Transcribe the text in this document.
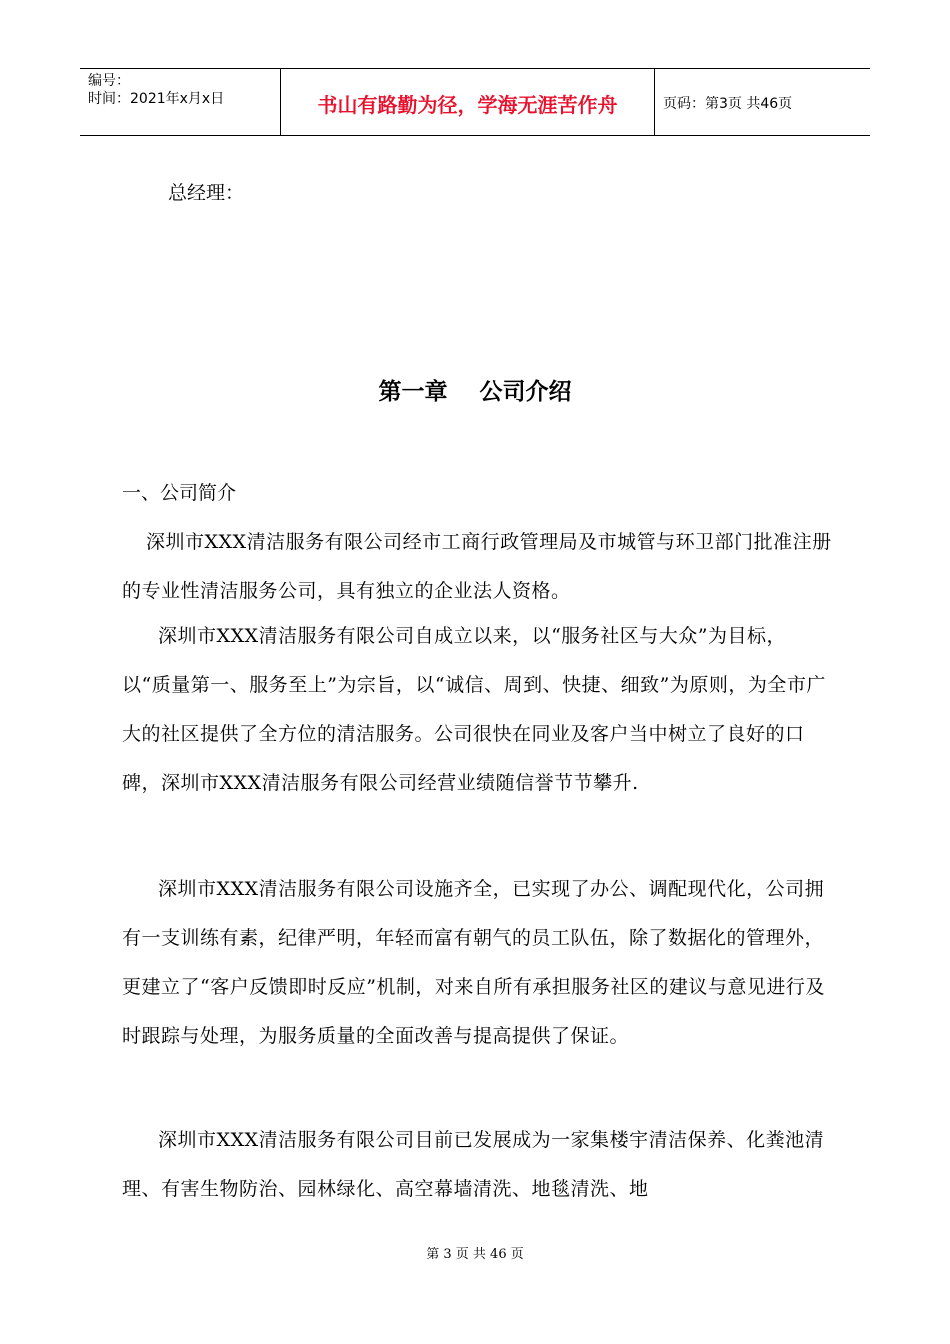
编号：
时间：2021年x月x日	书山有路勤为径，学海无涯苦作舟	页码：第3页 共46页
总经理：
第一章    公司介绍
一、公司简介
深圳市XXX清洁服务有限公司经市工商行政管理局及市城管与环卫部门批准注册的专业性清洁服务公司，具有独立的企业法人资格。
深圳市XXX清洁服务有限公司自成立以来，以“服务社区与大众”为目标，以“质量第一、服务至上”为宗旨，以“诚信、周到、快捷、细致”为原则，为全市广大的社区提供了全方位的清洁服务。公司很快在同业及客户当中树立了良好的口碑，深圳市XXX清洁服务有限公司经营业绩随信誉节节攀升.
深圳市XXX清洁服务有限公司设施齐全，已实现了办公、调配现代化，公司拥有一支训练有素，纪律严明，年轻而富有朝气的员工队伍，除了数据化的管理外，更建立了“客户反馈即时反应”机制，对来自所有承担服务社区的建议与意见进行及时跟踪与处理，为服务质量的全面改善与提高提供了保证。
深圳市XXX清洁服务有限公司目前已发展成为一家集楼宇清洁保养、化粪池清理、有害生物防治、园林绿化、高空幕墙清洗、地毯清洗、地
第 3 页 共 46 页
